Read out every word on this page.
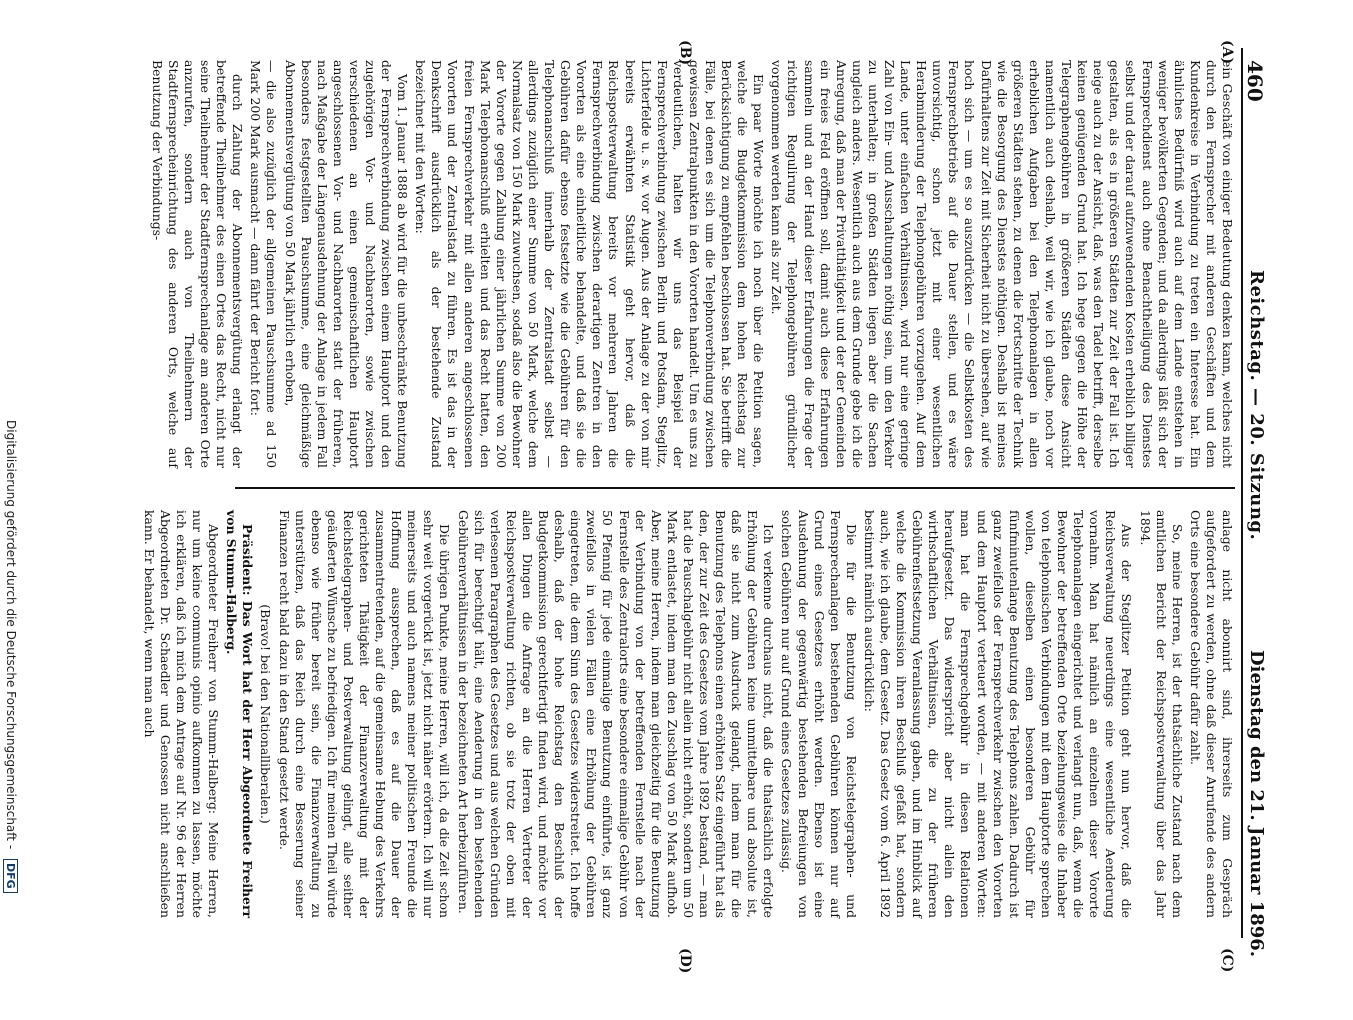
460
Reichstag. — 20. Sitzung.
Dienstag den 21. Januar 1896.
(A)
(B)
(C)
(D)

ein Geschäft von einiger Bedeutung denken kann, welches nicht durch den Fernsprecher mit anderen Geschäften und dem Kundenkreise in Verbindung zu treten ein Interesse hat. Ein ähnliches Bedürfniß wird auch auf dem Lande entstehen in weniger bevölkerten Gegenden; und da allerdings läßt sich der Fernsprechdienst auch ohne Benachtheiligung des Dienstes selbst und der darauf aufzuwendenden Kosten erheblich billiger gestalten, als es in größeren Städten zur Zeit der Fall ist. Ich neige auch zu der Ansicht, daß, was den Tadel betrifft, derselbe keinen genügenden Grund hat. Ich hege gegen die Höhe der Telegraphengebühren in größeren Städten diese Ansicht namentlich auch deshalb, weil wir, wie ich glaube, noch vor erheblichen Aufgaben bei den Telephonanlagen in allen größeren Städten stehen, zu denen die Fortschritte der Technik wie die Besorgung des Dienstes nöthigen. Deshalb ist meines Dafürhaltens zur Zeit mit Sicherheit nicht zu übersehen, auf wie hoch sich — um es so auszudrücken — die Selbstkosten des Fernsprechbetriebs auf die Dauer stellen, und es wäre unvorsichtig, schon jetzt mit einer wesentlichen Herabminderung der Telephongebühren vorzugehen. Auf dem Lande, unter einfachen Verhältnissen, wird nur eine geringe Zahl von Ein- und Ausschaltungen nöthig sein, um den Verkehr zu unterhalten; in großen Städten liegen aber die Sachen ungleich anders. Wesentlich auch aus dem Grunde gebe ich die Anregung, daß man der Privatthätigkeit und der der Gemeinden ein freies Feld eröffnen soll, damit auch diese Erfahrungen sammeln und an der Hand dieser Erfahrungen die Frage der richtigen Regulirung der Telephongebühren gründlicher vorgenommen werden kann als zur Zeit.

Ein paar Worte möchte ich noch über die Petition sagen, welche die Budgetkommission dem hohen Reichstag zur Berücksichtigung zu empfehlen beschlossen hat. Sie betrifft die Fälle, bei denen es sich um die Telephonverbindung zwischen gewissen Zentralpunkten in den Vororten handelt. Um es uns zu verdeutlichen, halten wir uns das Beispiel der Fernsprechverbindung zwischen Berlin und Potsdam, Steglitz, Lichterfelde u. s. w. vor Augen. Aus der Anlage zu der von mir bereits erwähnten Statistik geht hervor, daß die Reichspostverwaltung bereits vor mehreren Jahren die Fernsprechverbindung zwischen derartigen Zentren in den Vororten als eine einheitliche behandelte, und daß sie die Gebühren dafür ebenso festsetzte wie die Gebühren für den Telephonanschluß innerhalb der Zentralstadt selbst — allerdings zuzüglich einer Summe von 50 Mark, welche dem Normalsatz von 150 Mark zuwuchsen, sodaß also die Bewohner der Vororte gegen Zahlung einer jährlichen Summe von 200 Mark Telephonanschluß erhielten und das Recht hatten, den freien Fernsprechverkehr mit allen anderen angeschlossenen Vororten und der Zentralstadt zu führen. Es ist das in der Denkschrift ausdrücklich als der bestehende Zustand bezeichnet mit den Worten:

Vom 1. Januar 1888 ab wird für die unbeschränkte Benutzung der Fernsprechverbindung zwischen einem Hauptort und den zugehörigen Vor- und Nachbarorten, sowie zwischen verschiedenen an einen gemeinschaftlichen Hauptort angeschlossenen Vor- und Nachbarorten statt der früheren, nach Maßgabe der Längenausdehnung der Anlage in jedem Fall besonders festgestellten Pauschsumme, eine gleichmäßige Abonnementsvergütung von 50 Mark jährlich erhoben,

— die also zuzüglich der allgemeinen Pauschsumme ad 150 Mark 200 Mark ausmacht — dann fährt der Bericht fort:

durch Zahlung der Abonnementsvergütung erlangt der betreffende Theilnehmer des einen Ortes das Recht, nicht nur seine Theilnehmer der Stadtfernsprechanlage am anderen Orte anzurufen, sondern auch von Theilnehmern der Stadtfernsprecheinrichtung des anderen Orts, welche auf Benutzung der Verbindungs-

anlage nicht abonnirt sind, ihrerseits zum Gespräch aufgefordert zu werden, ohne daß dieser Anrufende des andern Orts eine besondere Gebühr dafür zahlt.

So, meine Herren, ist der thatsächliche Zustand nach dem amtlichen Bericht der Reichspostverwaltung über das Jahr 1894.

Aus der Steglitzer Petition geht nun hervor, daß die Reichsverwaltung neuerdings eine wesentliche Aenderung vornahm. Man hat nämlich an einzelnen dieser Vororte Telephonanlagen eingerichtet und verlangt nun, daß, wenn die Bewohner der betreffenden Orte beziehungsweise die Inhaber von telephonischen Verbindungen mit dem Hauptorte sprechen wollen, dieselben einen besonderen Gebühr für fünfminutenlange Benutzung des Telephons zahlen. Dadurch ist ganz zweifellos der Fernsprechverkehr zwischen den Vororten und dem Hauptort verteuert worden, — mit anderen Worten: man hat die Fernsprechgebühr in diesen Relationen heraufgesetzt. Das widerspricht aber nicht allein den wirthschaftlichen Verhältnissen, die zu der früheren Gebührenfestsetzung Veranlassung gaben, und im Hinblick auf welche die Kommission ihren Beschluß gefaßt hat, sondern auch, wie ich glaube, dem Gesetz. Das Gesetz vom 6. April 1892 bestimmt nämlich ausdrücklich:

Die für die Benutzung von Reichstelegraphen- und Fernsprechanlagen bestehenden Gebühren können nur auf Grund eines Gesetzes erhöht werden. Ebenso ist eine Ausdehnung der gegenwärtig bestehenden Befreiungen von solchen Gebühren nur auf Grund eines Gesetzes zulässig.

Ich verkenne durchaus nicht, daß die thatsächlich erfolgte Erhöhung der Gebühren keine unmittelbare und absolute ist, daß sie nicht zum Ausdruck gelangt, indem man für die Benutzung des Telephons einen erhöhten Satz eingeführt hat als den, der zur Zeit des Gesetzes vom Jahre 1892 bestand, — man hat die Pauschalgebühr nicht allein nicht erhöht, sondern um 50 Mark entlastet, indem man den Zuschlag von 50 Mark aufhob. Aber, meine Herren, indem man gleichzeitig für die Benutzung der Verbindung von der betreffenden Fernstelle nach der Fernstelle des Zentralorts eine besondere einmalige Gebühr von 50 Pfennig für jede einmalige Benutzung einführte, ist ganz zweifellos in vielen Fällen eine Erhöhung der Gebühren eingetreten, die dem Sinn des Gesetzes widerstreitet. Ich hoffe deshalb, daß der hohe Reichstag den Beschluß der Budgetkommission gerechtfertigt finden wird, und möchte vor allen Dingen die Anfrage an die Herren Vertreter der Reichspostverwaltung richten, ob sie trotz der oben mit verlesenen Paragraphen des Gesetzes und aus welchen Gründen sich für berechtigt hält, eine Aenderung in den bestehenden Gebührenverhältnissen in der bezeichneten Art herbeizuführen.

Die übrigen Punkte, meine Herren, will ich, da die Zeit schon sehr weit vorgerückt ist, jetzt nicht näher erörtern. Ich will nur meinerseits und auch namens meiner politischen Freunde die Hoffnung aussprechen, daß es auf die Dauer der zusammentretenden, auf die gemeinsame Hebung des Verkehrs gerichteten Thätigkeit der Finanzverwaltung mit der Reichstelegraphen- und Postverwaltung gelingt, alle seither geäußerten Wünsche zu befriedigen. Ich für meinen Theil würde ebenso wie früher bereit sein, die Finanzverwaltung zu unterstützen, daß das Reich durch eine Besserung seiner Finanzen recht bald dazu in den Stand gesetzt werde.

(Bravo! bei den Nationalliberalen.)

Präsident: Das Wort hat der Herr Abgeordnete Freiherr von Stumm-Halberg.

Abgeordneter Freiherr von Stumm-Halberg: Meine Herren, nur um keine communis opinio aufkommen zu lassen, möchte ich erklären, daß ich mich dem Antrage auf Nr. 96 der Herren Abgeordneten Dr. Schaedler und Genossen nicht anschließen kann. Er behandelt, wenn man auch

Digitalisierung gefördert durch die Deutsche Forschungsgemeinschaft - DFG
